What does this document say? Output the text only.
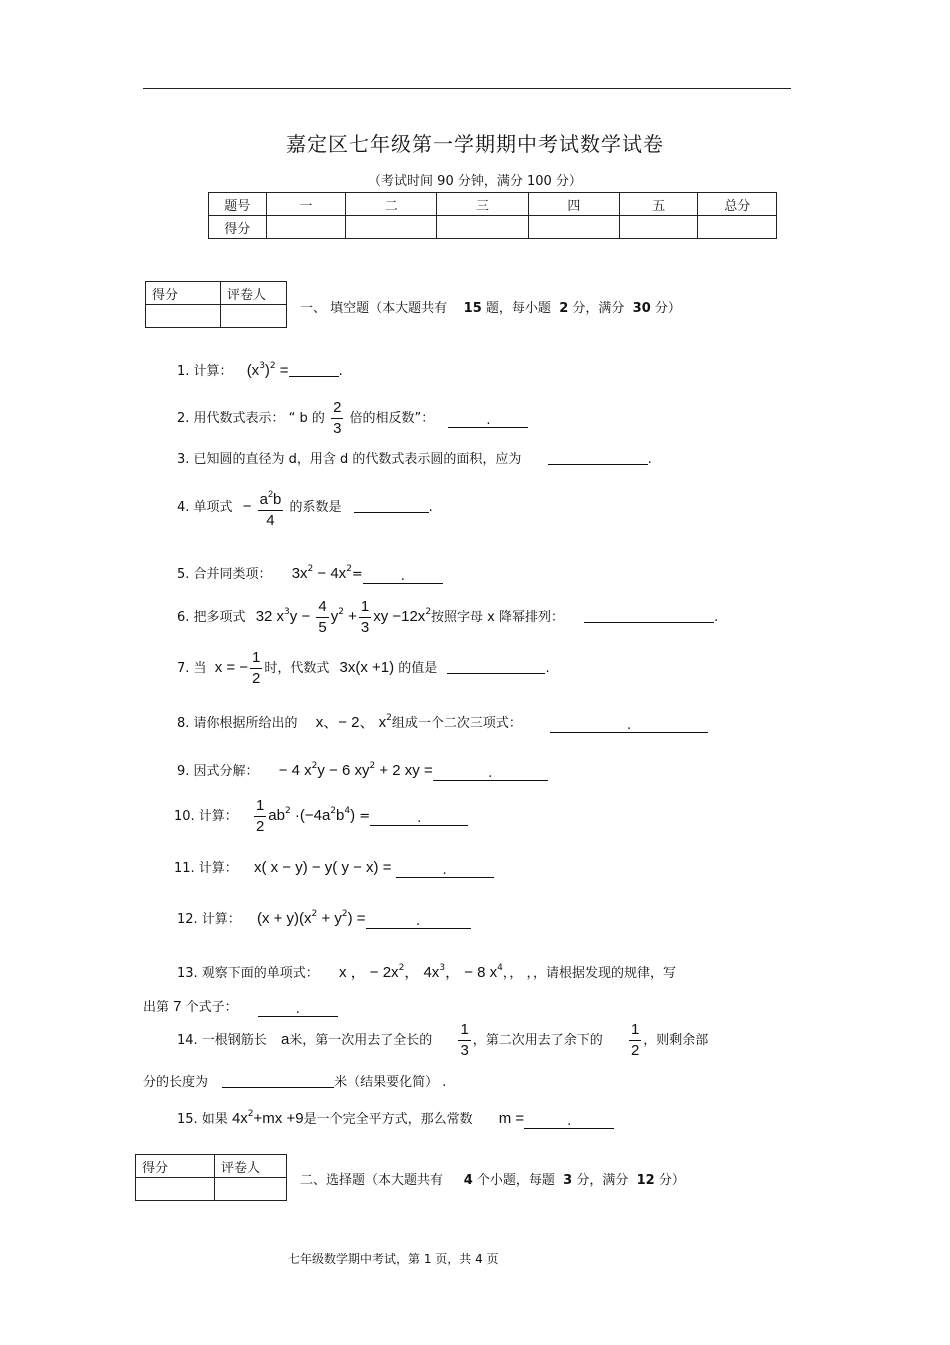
嘉定区七年级第一学期期中考试数学试卷
（考试时间 90 分钟，满分 100 分）
题号	一	二	三	四	五	总分
得分						
得分	评卷人

一、 填空题（本大题共有 15 题，每小题 2 分，满分 30 分）
1. 计算： $(x^3)^2$ =	.
2. 用代数式表示： “ b 的 $\frac{2}{3}$ 倍的相反数”：	.
3. 已知圆的直径为 d，用含 d 的代数式表示圆的面积，应为	.
4. 单项式 − $\frac{a^2b}{4}$ 的系数是	.
5. 合并同类项： $3x^2 - 4x^2=$	.
6. 把多项式 32 $x^3y - \frac{4}{5} y^2 + \frac{1}{3}$ xy $-12x^2$按照字母 x 降幂排列：	.
7. 当 x = − $\frac{1}{2}$ 时，代数式 3x(x +1) 的值是	.
8. 请你根据所给出的 x、− 2、 $x^2$组成一个二次三项式：	.
9. 因式分解： − 4 $x^2y - 6$ $xy^2 + 2$ xy =	.
10. 计算： $\frac{1}{2} ab^2 \cdot(-4a^2b^4)$ =	.
11. 计算： x( x − y) − y( y − x) =	.
12. 计算： $(x + y)(x^2 + y^2)$ =	.
13. 观察下面的单项式： x ， − $2x^2$， $4x^3$， − 8 $x^4$，， ，，请根据发现的规律，写
出第 7 个式子：	.
14. 一根钢筋长 a米，第一次用去了全长的 $\frac{1}{3}$ ，第二次用去了余下的 $\frac{1}{2}$ ，则剩余部
分的长度为	米（结果要化简） .
15. 如果 $4x^2+mx +9$是一个完全平方式，那么常数 m =	.
得分	评卷人

二、选择题（本大题共有 4 个小题，每题 3 分，满分 12 分）
七年级数学期中考试，第 1 页，共 4 页
